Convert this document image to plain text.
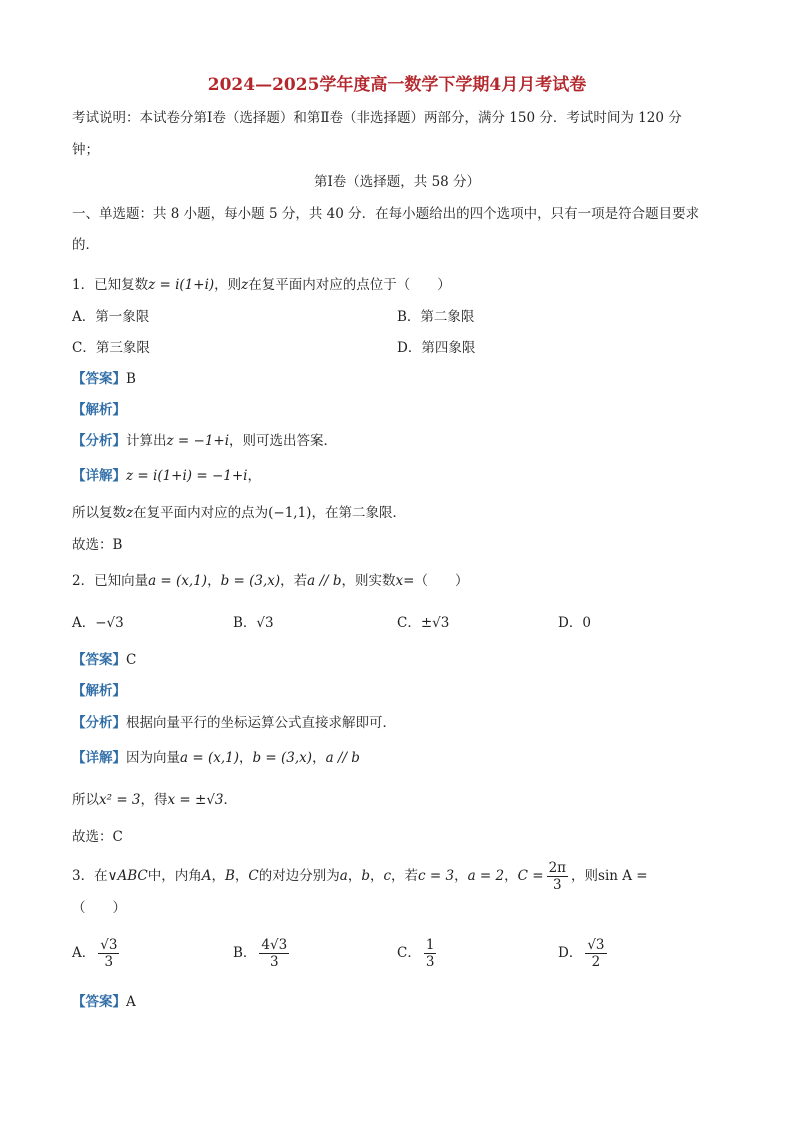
2024—2025学年度高一数学下学期4月月考试卷
考试说明：本试卷分第Ⅰ卷（选择题）和第Ⅱ卷（非选择题）两部分，满分 150 分．考试时间为 120 分
钟；
第Ⅰ卷（选择题，共 58 分）
一、单选题：共 8 小题，每小题 5 分，共 40 分．在每小题给出的四个选项中，只有一项是符合题目要求
的．
1．已知复数z = i(1+i)，则z在复平面内对应的点位于（　　）
A．第一象限	B．第二象限
C．第三象限	D．第四象限
【答案】B
【解析】
【分析】计算出z = −1+i，则可选出答案．
【详解】z = i(1+i) = −1+i，
所以复数z在复平面内对应的点为(−1,1)，在第二象限．
故选：B
2．已知向量a = (x,1)，b = (3,x)，若a // b，则实数x=（　　）
A．−√3	B．√3	C．±√3	D．0
【答案】C
【解析】
【分析】根据向量平行的坐标运算公式直接求解即可．
【详解】因为向量a = (x,1)，b = (3,x)，a // b
所以x² = 3，得x = ±√3．
故选：C
3．在∨ABC中，内角A，B，C的对边分别为a，b，c，若c = 3，a = 2，$C = \frac{2\pi}{3}$ ，则sin A =
（　　）
A． $\frac{√3}{3}$	B． $\frac{4√3}{3}$	C． $\frac{1}{3}$	D． $\frac{√3}{2}$
【答案】A
